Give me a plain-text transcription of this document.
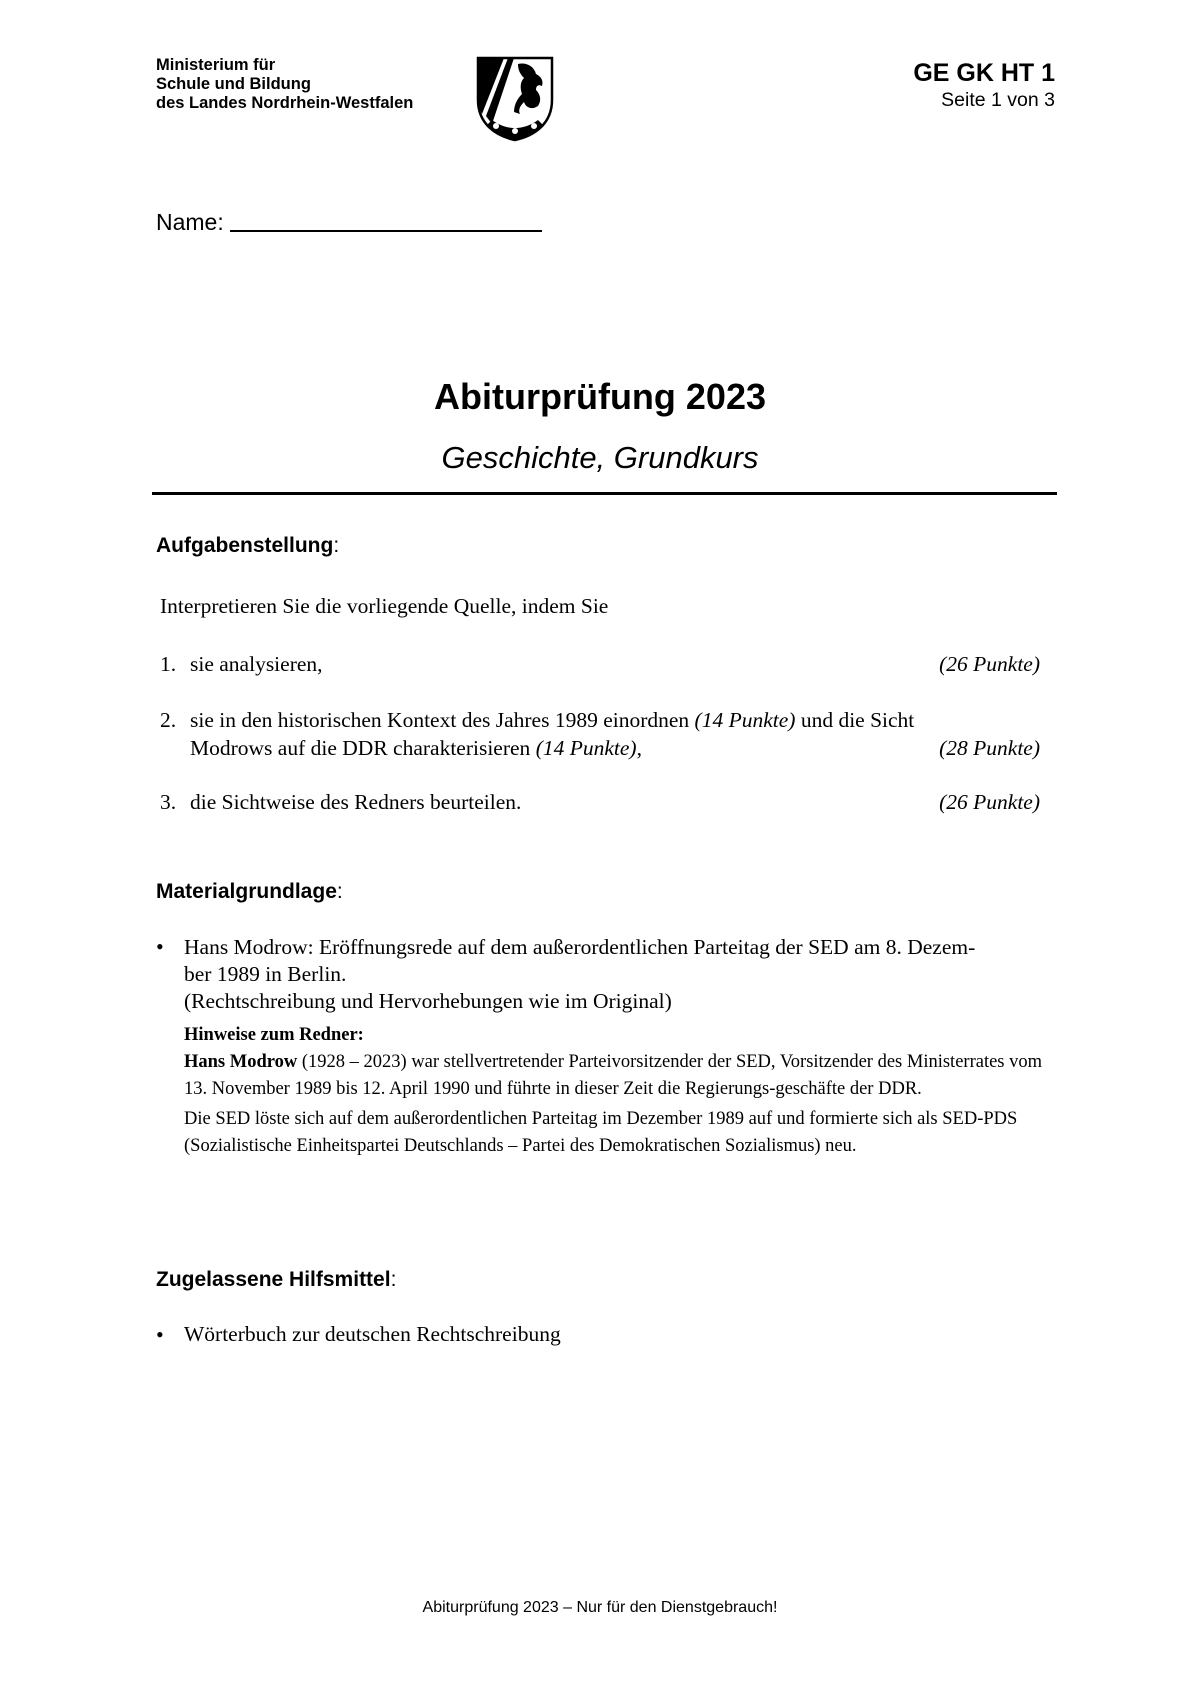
Ministerium für
Schule und Bildung
des Landes Nordrhein-Westfalen
GE GK HT 1
Seite 1 von 3
Name:
Abiturprüfung 2023
Geschichte, Grundkurs
Aufgabenstellung:
Interpretieren Sie die vorliegende Quelle, indem Sie
1. sie analysieren,	(26 Punkte)
2. sie in den historischen Kontext des Jahres 1989 einordnen (14 Punkte) und die Sicht
Modrows auf die DDR charakterisieren (14 Punkte),	(28 Punkte)
3. die Sichtweise des Redners beurteilen.	(26 Punkte)
Materialgrundlage:
• Hans Modrow: Eröffnungsrede auf dem außerordentlichen Parteitag der SED am 8. Dezem-
ber 1989 in Berlin.
(Rechtschreibung und Hervorhebungen wie im Original)
Hinweise zum Redner:

Hans Modrow (1928 – 2023) war stellvertretender Parteivorsitzender der SED, Vorsitzender des Ministerrates vom 13. November 1989 bis 12. April 1990 und führte in dieser Zeit die Regierungs-geschäfte der DDR.

Die SED löste sich auf dem außerordentlichen Parteitag im Dezember 1989 auf und formierte sich als SED-PDS (Sozialistische Einheitspartei Deutschlands – Partei des Demokratischen Sozialismus) neu.

Zugelassene Hilfsmittel:
• Wörterbuch zur deutschen Rechtschreibung
Abiturprüfung 2023 – Nur für den Dienstgebrauch!
